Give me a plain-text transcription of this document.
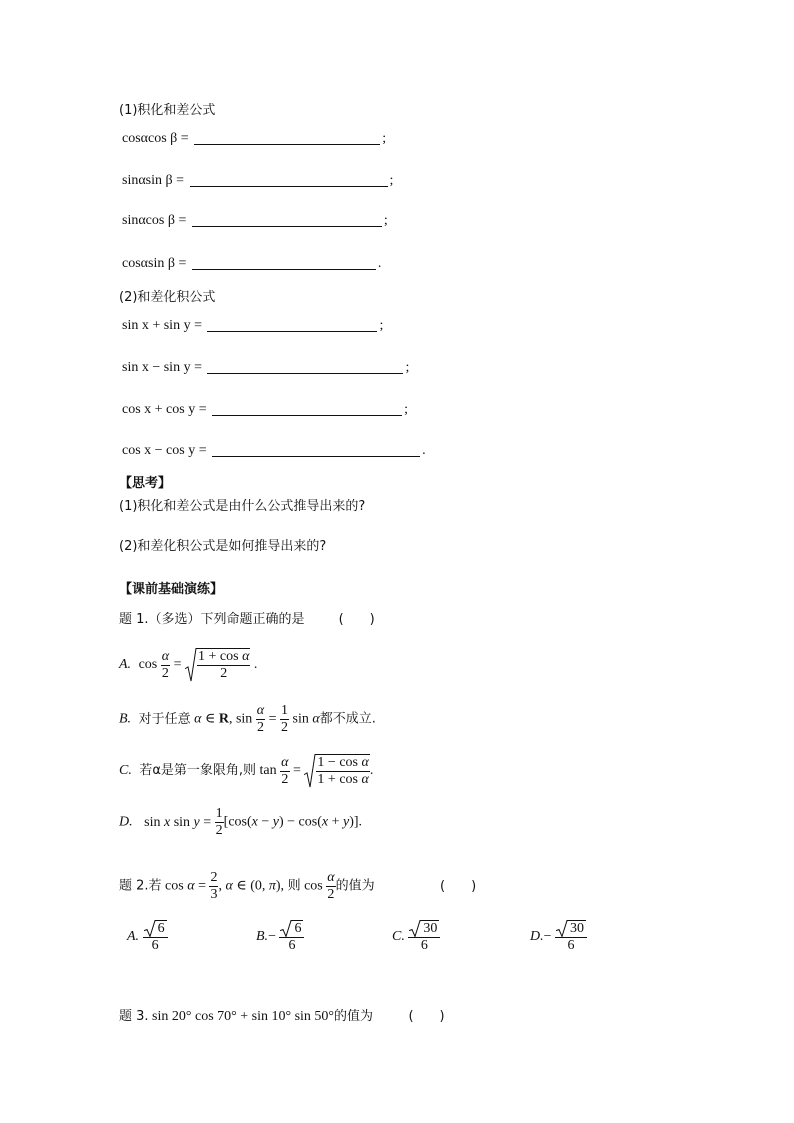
(1)积化和差公式
cosαcos β =	;
sinαsin β =	;
sinαcos β =	;
cosαsin β =	.
(2)和差化积公式
sin x + sin y =	;
sin x − sin y =	;
cos x + cos y =	;
cos x − cos y =	.
【思考】
(1)积化和差公式是由什么公式推导出来的?
(2)和差化积公式是如何推导出来的?
【课前基础演练】
题 1.（多选）下列命题正确的是	(　　)
A. $\cos \frac{\alpha}{2} = \frac{\text{1 + cos α}}{2}$ .
B. 对于任意 α ∈ R, $\sin \frac{\alpha}{2} = \frac{1}{2}$ sin α都不成立.
C. 若α是第一象限角,则 $\tan \frac{\alpha}{2} = \frac{\text{1 − cos α}}{\text{1 + cos α}}$ .
D. sin x $\sin y = \frac{1}{2} [\cos(x - y) - \cos(x + y)]$.
题 2.若 $\cos \alpha = \frac{2}{3}$ , α ∈ (0, π), 则 $\cos \frac{\alpha}{2}$ 的值为	(　　)
A. $\frac{6}{6}$	$B.- \frac{6}{6}$	C. $\frac{30}{6}$	$D.- \frac{30}{6}$
题 3. sin 20° cos 70° + sin 10° sin 50°的值为	(　　)
